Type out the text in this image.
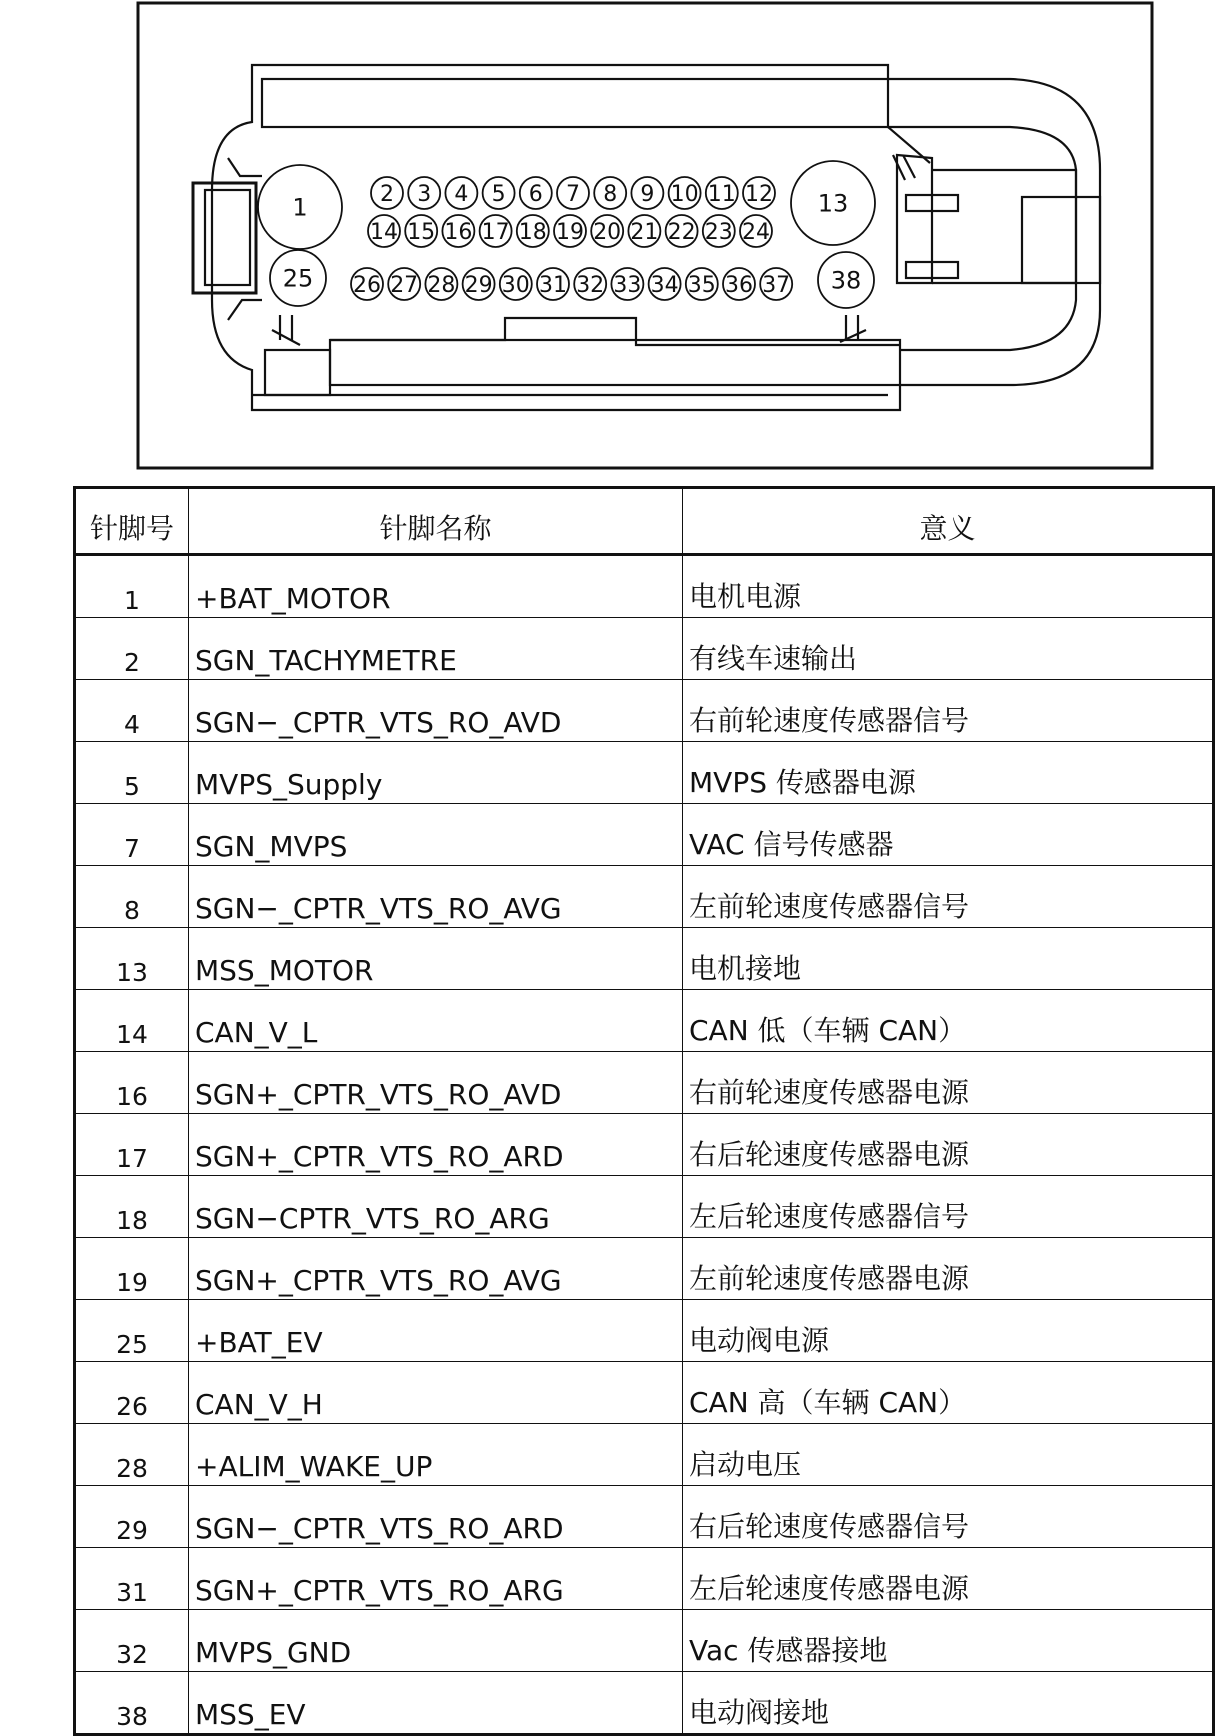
2 3 4 5 6 7 8 9 10 11 12
14 15 16 17 18 19 20 21 22 23 24
26 27 28 29 30 31 32 33 34 35 36 37
1	13
25	38
针脚号	针脚名称	意义
1	+BAT_MOTOR	电机电源
2	SGN_TACHYMETRE	有线车速输出
4	SGN−_CPTR_VTS_RO_AVD	右前轮速度传感器信号
5	MVPS_Supply	MVPS 传感器电源
7	SGN_MVPS	VAC 信号传感器
8	SGN−_CPTR_VTS_RO_AVG	左前轮速度传感器信号
13	MSS_MOTOR	电机接地
14	CAN_V_L	CAN 低（车辆 CAN）
16	SGN+_CPTR_VTS_RO_AVD	右前轮速度传感器电源
17	SGN+_CPTR_VTS_RO_ARD	右后轮速度传感器电源
18	SGN−CPTR_VTS_RO_ARG	左后轮速度传感器信号
19	SGN+_CPTR_VTS_RO_AVG	左前轮速度传感器电源
25	+BAT_EV	电动阀电源
26	CAN_V_H	CAN 高（车辆 CAN）
28	+ALIM_WAKE_UP	启动电压
29	SGN−_CPTR_VTS_RO_ARD	右后轮速度传感器信号
31	SGN+_CPTR_VTS_RO_ARG	左后轮速度传感器电源
32	MVPS_GND	Vac 传感器接地
38	MSS_EV	电动阀接地
